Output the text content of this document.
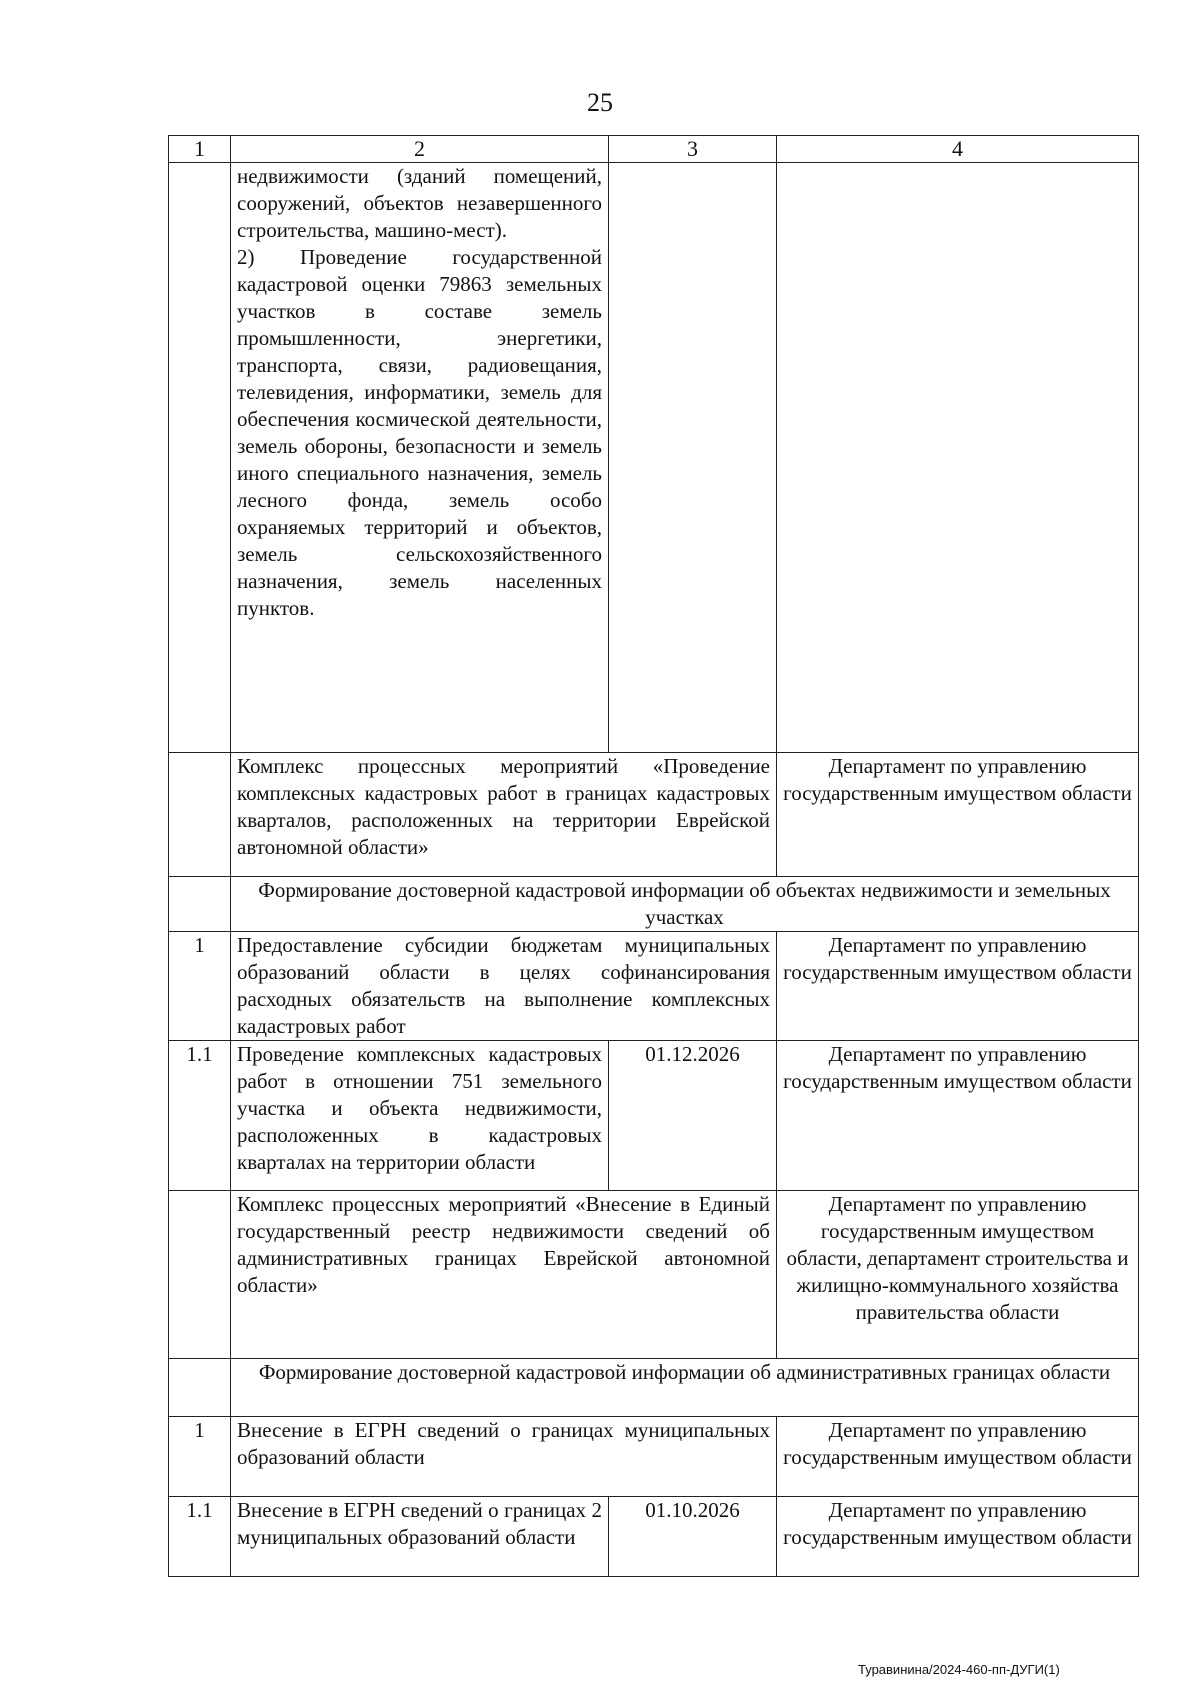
25
1	2	3	4

	недвижимости (зданий помещений, сооружений, объектов незавершенного строительства, машино-мест).
2) Проведение государственной кадастровой оценки 79863 земельных участков в составе земель промышленности, энергетики, транспорта, связи, радиовещания, телевидения, информатики, земель для обеспечения космической деятельности, земель обороны, безопасности и земель иного специального назначения, земель лесного фонда, земель особо охраняемых территорий и объектов, земель сельскохозяйственного назначения, земель населенных пунктов.		

	Комплекс процессных мероприятий «Проведение комплексных кадастровых работ в границах кадастровых кварталов, расположенных на территории Еврейской автономной области»		Департамент по управлению государственным имуществом области
	Формирование достоверной кадастровой информации об объектах недвижимости и земельных участках		
1	Предоставление субсидии бюджетам муниципальных образований области в целях софинансирования расходных обязательств на выполнение комплексных кадастровых работ		Департамент по управлению государственным имуществом области
1.1	Проведение комплексных кадастровых работ в отношении 751 земельного участка и объекта недвижимости, расположенных в кадастровых кварталах на территории области	01.12.2026	Департамент по управлению государственным имуществом области
	Комплекс процессных мероприятий «Внесение в Единый государственный реестр недвижимости сведений об административных границах Еврейской автономной области»		Департамент по управлению государственным имуществом области, департамент строительства и жилищно-коммунального хозяйства правительства области
	Формирование достоверной кадастровой информации об административных границах области		
1	Внесение в ЕГРН сведений о границах муниципальных образований области		Департамент по управлению государственным имуществом области
1.1	Внесение в ЕГРН сведений о границах 2 муниципальных образований области	01.10.2026	Департамент по управлению государственным имуществом области
Туравинина/2024-460-пп-ДУГИ(1)
